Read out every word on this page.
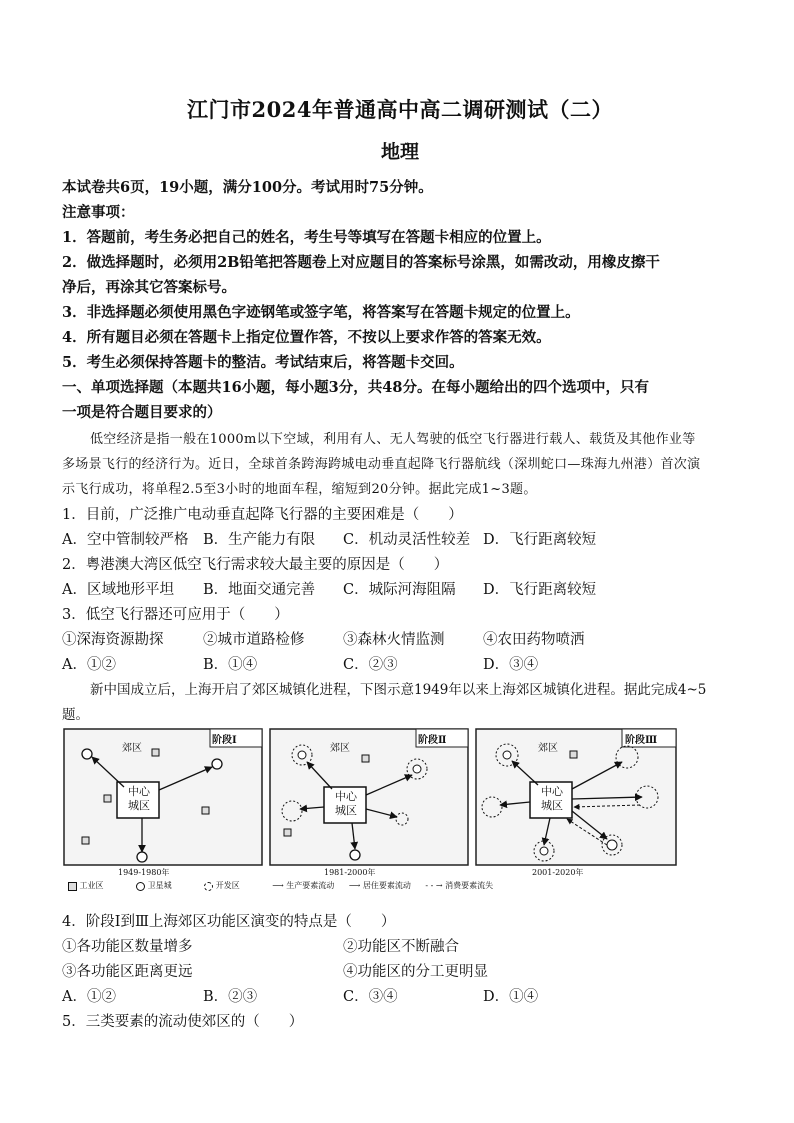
江门市2024年普通高中高二调研测试（二）
地理
本试卷共6页，19小题，满分100分。考试用时75分钟。
注意事项：
1．答题前，考生务必把自己的姓名，考生号等填写在答题卡相应的位置上。
2．做选择题时，必须用2B铅笔把答题卷上对应题目的答案标号涂黑，如需改动，用橡皮擦干
净后，再涂其它答案标号。
3．非选择题必须使用黑色字迹钢笔或签字笔，将答案写在答题卡规定的位置上。
4．所有题目必须在答题卡上指定位置作答，不按以上要求作答的答案无效。
5．考生必须保持答题卡的整洁。考试结束后，将答题卡交回。
一、单项选择题（本题共16小题，每小题3分，共48分。在每小题给出的四个选项中，只有
一项是符合题目要求的）
低空经济是指一般在1000m以下空域，利用有人、无人驾驶的低空飞行器进行载人、载货及其他作业等
多场景飞行的经济行为。近日，全球首条跨海跨城电动垂直起降飞行器航线（深圳蛇口—珠海九州港）首次演
示飞行成功，将单程2.5至3小时的地面车程，缩短到20分钟。据此完成1~3题。
1．目前，广泛推广电动垂直起降飞行器的主要困难是（　　）
A．空中管制较严格 B．生产能力有限 C．机动灵活性较差 D．飞行距离较短
2．粤港澳大湾区低空飞行需求较大最主要的原因是（　　）
A．区域地形平坦 B．地面交通完善 C．城际河海阻隔 D．飞行距离较短
3．低空飞行器还可应用于（　　）
①深海资源勘探	②城市道路检修	③森林火情监测	④农田药物喷洒
A．①②	B．①④	C．②③	D．③④
新中国成立后，上海开启了郊区城镇化进程，下图示意1949年以来上海郊区城镇化进程。据此完成4~5
题。
阶段Ⅰ
郊区
中心
城区
1949-1980年
阶段Ⅱ
郊区
中心
城区
1981-2000年
阶段Ⅲ
郊区
中心
城区
2001-2020年
工业区	卫星城	开发区	⟶ 生产要素流动 ⟶ 居住要素流动 - - → 消费要素流失
4．阶段Ⅰ到Ⅲ上海郊区功能区演变的特点是（　　）
①各功能区数量增多	②功能区不断融合
③各功能区距离更远	④功能区的分工更明显
A．①②	B．②③	C．③④	D．①④
5．三类要素的流动使郊区的（　　）
